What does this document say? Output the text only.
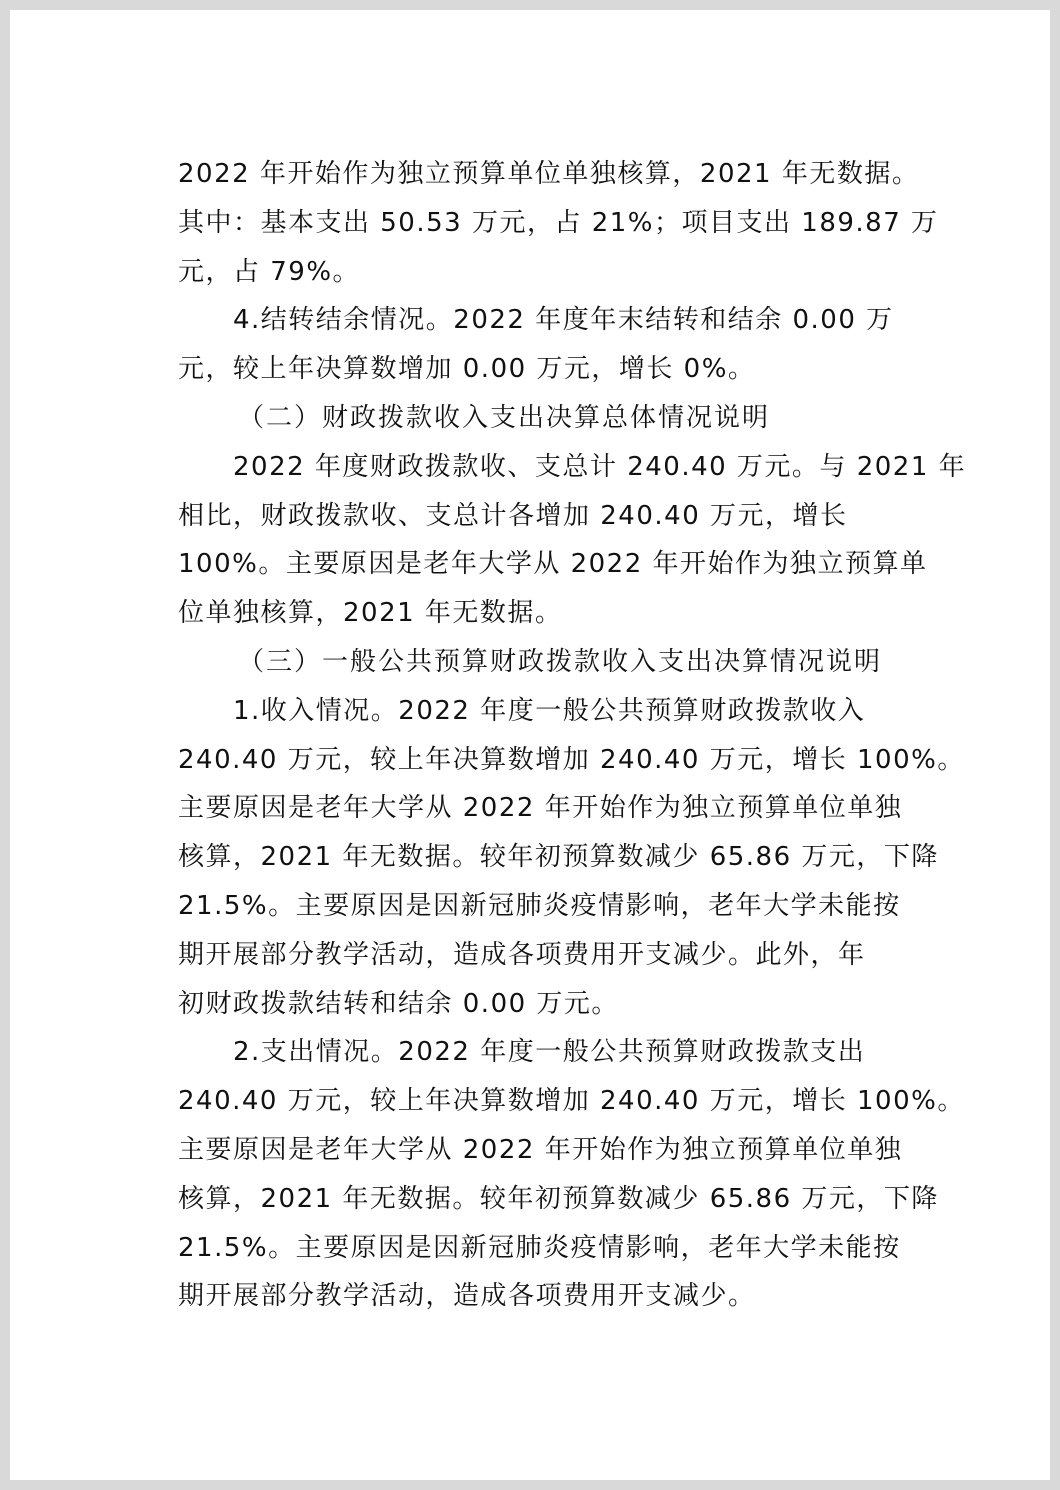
2022 年开始作为独立预算单位单独核算，2021 年无数据。
其中：基本支出 50.53 万元，占 21%；项目支出 189.87 万
元，占 79%。
4.结转结余情况。2022 年度年末结转和结余 0.00 万
元，较上年决算数增加 0.00 万元，增长 0%。
（二）财政拨款收入支出决算总体情况说明
2022 年度财政拨款收、支总计 240.40 万元。与 2021 年
相比，财政拨款收、支总计各增加 240.40 万元，增长
100%。主要原因是老年大学从 2022 年开始作为独立预算单
位单独核算，2021 年无数据。
（三）一般公共预算财政拨款收入支出决算情况说明
1.收入情况。2022 年度一般公共预算财政拨款收入
240.40 万元，较上年决算数增加 240.40 万元，增长 100%。
主要原因是老年大学从 2022 年开始作为独立预算单位单独
核算，2021 年无数据。较年初预算数减少 65.86 万元，下降
21.5%。主要原因是因新冠肺炎疫情影响，老年大学未能按
期开展部分教学活动，造成各项费用开支减少。此外，年
初财政拨款结转和结余 0.00 万元。
2.支出情况。2022 年度一般公共预算财政拨款支出
240.40 万元，较上年决算数增加 240.40 万元，增长 100%。
主要原因是老年大学从 2022 年开始作为独立预算单位单独
核算，2021 年无数据。较年初预算数减少 65.86 万元，下降
21.5%。主要原因是因新冠肺炎疫情影响，老年大学未能按
期开展部分教学活动，造成各项费用开支减少。
